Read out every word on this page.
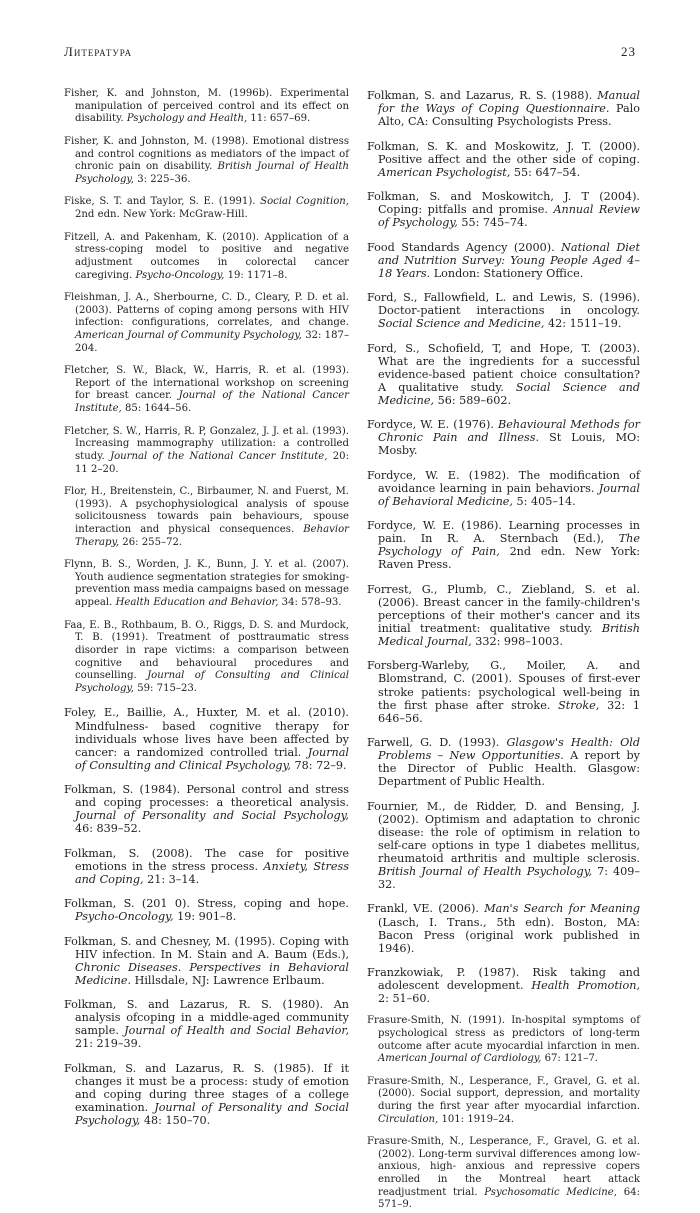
Литература	23

Fisher, K. and Johnston, M. (1996b). Experimental manipulation of perceived control and its effect on disability. Psychology and Health, 11: 657–69.

Fisher, K. and Johnston, M. (1998). Emotional distress and control cognitions as mediators of the impact of chronic pain on disability. British Journal of Health Psychology, 3: 225–36.

Fiske, S. T. and Taylor, S. E. (1991). Social Cognition, 2nd edn. New York: McGraw-Hill.

Fitzell, A. and Pakenham, K. (2010). Application of a stress-coping model to positive and negative adjustment outcomes in colorectal cancer caregiving. Psycho-Oncology, 19: 1171–8.

Fleishman, J. A., Sherbourne, C. D., Cleary, P. D. et al. (2003). Patterns of coping among persons with HIV infection: configurations, correlates, and change. American Journal of Community Psychology, 32: 187–204.

Fletcher, S. W., Black, W., Harris, R. et al. (1993). Report of the international workshop on screening for breast cancer. Journal of the National Cancer Institute, 85: 1644–56.

Fletcher, S. W., Harris, R. P, Gonzalez, J. J. et al. (1993). Increasing mammography utilization: a controlled study. Journal of the National Cancer Institute, 20: 11 2–20.

Flor, H., Breitenstein, C., Birbaumer, N. and Fuerst, M. (1993). A psychophysiological analysis of spouse solicitousness towards pain behaviours, spouse interaction and physical consequences. Behavior Therapy, 26: 255–72.

Flynn, B. S., Worden, J. K., Bunn, J. Y. et al. (2007). Youth audience segmentation strategies for smoking-prevention mass media campaigns based on message appeal. Health Education and Behavior, 34: 578–93.

Faa, E. B., Rothbaum, B. O., Riggs, D. S. and Murdock, T. B. (1991). Treatment of posttraumatic stress disorder in rape victims: a comparison between cognitive and behavioural procedures and counselling. Journal of Consulting and Clinical Psychology, 59: 715–23.

Foley, E., Baillie, A., Huxter, M. et al. (2010). Mindfulness- based cognitive therapy for individuals whose lives have been affected by cancer: a randomized controlled trial. Journal of Consulting and Clinical Psychology, 78: 72–9.

Folkman, S. (1984). Personal control and stress and coping processes: a theoretical analysis. Journal of Personality and Social Psychology, 46: 839–52.

Folkman, S. (2008). The case for positive emotions in the stress process. Anxiety, Stress and Coping, 21: 3–14.

Folkman, S. (201 0). Stress, coping and hope. Psycho-Oncology, 19: 901–8.

Folkman, S. and Chesney, M. (1995). Coping with HIV infection. In M. Stain and A. Baum (Eds.), Chronic Diseases. Perspectives in Behavioral Medicine. Hillsdale, NJ: Lawrence Erlbaum.

Folkman, S. and Lazarus, R. S. (1980). An analysis ofcoping in a middle-aged community sample. Journal of Health and Social Behavior, 21: 219–39.

Folkman, S. and Lazarus, R. S. (1985). If it changes it must be a process: study of emotion and coping during three stages of a college examination. Journal of Personality and Social Psychology, 48: 150–70.

Folkman, S. and Lazarus, R. S. (1988). Manual for the Ways of Coping Questionnaire. Palo Alto, CA: Consulting Psychologists Press.

Folkman, S. K. and Moskowitz, J. T. (2000). Positive affect and the other side of coping. American Psychologist, 55: 647–54.

Folkman, S. and Moskowitch, J. T (2004). Coping: pitfalls and promise. Annual Review of Psychology, 55: 745–74.

Food Standards Agency (2000). National Diet and Nutrition Survey: Young People Aged 4–18 Years. London: Stationery Office.

Ford, S., Fallowfield, L. and Lewis, S. (1996). Doctor-patient interactions in oncology. Social Science and Medicine, 42: 1511–19.

Ford, S., Schofield, T, and Hope, T. (2003). What are the ingredients for a successful evidence-based patient choice consultation? A qualitative study. Social Science and Medicine, 56: 589–602.

Fordyce, W. E. (1976). Behavioural Methods for Chronic Pain and Illness. St Louis, MO: Mosby.

Fordyce, W. E. (1982). The modification of avoidance learning in pain behaviors. Journal of Behavioral Medicine, 5: 405–14.

Fordyce, W. E. (1986). Learning processes in pain. In R. A. Sternbach (Ed.), The Psychology of Pain, 2nd edn. New York: Raven Press.

Forrest, G., Plumb, C., Ziebland, S. et al. (2006). Breast cancer in the family-children's perceptions of their mother's cancer and its initial treatment: qualitative study. British Medical Journal, 332: 998–1003.

Forsberg-Warleby, G., Moiler, A. and Blomstrand, C. (2001). Spouses of first-ever stroke patients: psychological well-being in the first phase after stroke. Stroke, 32: 1 646–56.

Farwell, G. D. (1993). Glasgow's Health: Old Problems – New Opportunities. A report by the Director of Public Health. Glasgow: Department of Public Health.

Fournier, M., de Ridder, D. and Bensing, J. (2002). Optimism and adaptation to chronic disease: the role of optimism in relation to self-care options in type 1 diabetes mellitus, rheumatoid arthritis and multiple sclerosis. British Journal of Health Psychology, 7: 409–32.

Frankl, VE. (2006). Man's Search for Meaning (Lasch, I. Trans., 5th edn). Boston, MA: Bacon Press (original work published in 1946).

Franzkowiak, P. (1987). Risk taking and adolescent development. Health Promotion, 2: 51–60.

Frasure-Smith, N. (1991). In-hospital symptoms of psychological stress as predictors of long-term outcome after acute myocardial infarction in men. American Journal of Cardiology, 67: 121–7.

Frasure-Smith, N., Lesperance, F., Gravel, G. et al. (2000). Social support, depression, and mortality during the first year after myocardial infarction. Circulation, 101: 1919–24.

Frasure-Smith, N., Lesperance, F., Gravel, G. et al. (2002). Long-term survival differences among low-anxious, high- anxious and repressive copers enrolled in the Montreal heart attack readjustment trial. Psychosomatic Medicine, 64: 571–9.
